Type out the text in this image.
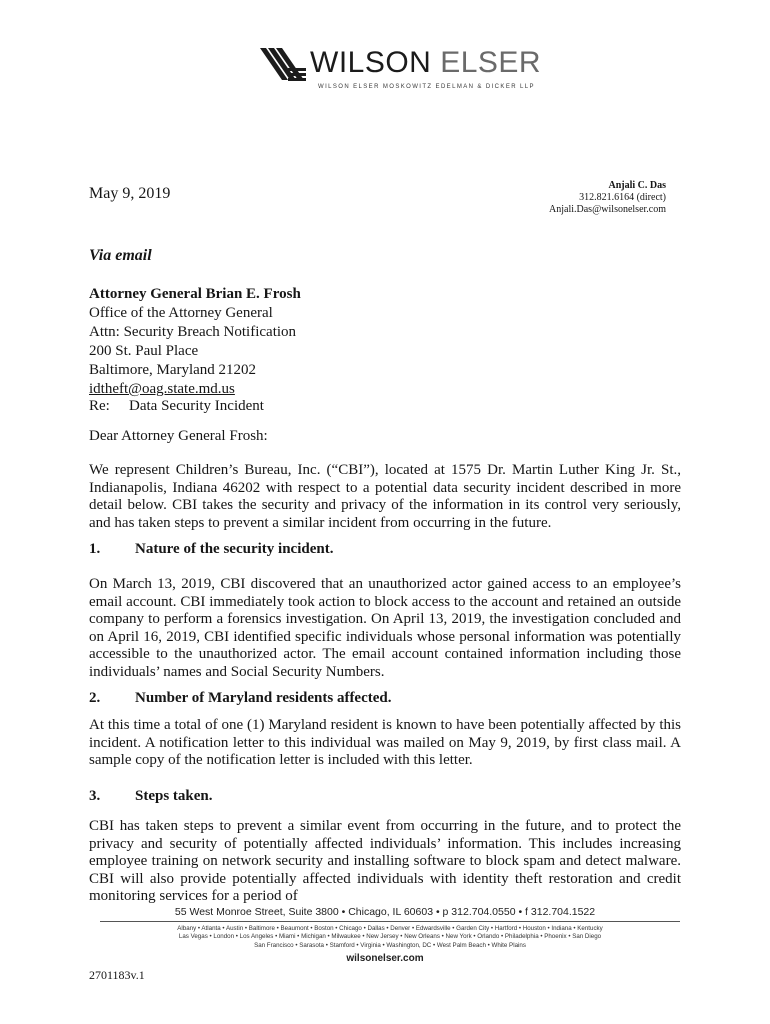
WILSON ELSER
WILSON ELSER MOSKOWITZ EDELMAN & DICKER LLP
May 9, 2019	Anjali C. Das
312.821.6164 (direct)
Anjali.Das@wilsonelser.com
Via email
Attorney General Brian E. Frosh
Office of the Attorney General
Attn: Security Breach Notification
200 St. Paul Place
Baltimore, Maryland 21202
idtheft@oag.state.md.us
Re: Data Security Incident
Dear Attorney General Frosh:
We represent Children’s Bureau, Inc. (“CBI”), located at 1575 Dr. Martin Luther King Jr. St., Indianapolis, Indiana 46202 with respect to a potential data security incident described in more detail below. CBI takes the security and privacy of the information in its control very seriously, and has taken steps to prevent a similar incident from occurring in the future.
1. Nature of the security incident.
On March 13, 2019, CBI discovered that an unauthorized actor gained access to an employee’s email account. CBI immediately took action to block access to the account and retained an outside company to perform a forensics investigation. On April 13, 2019, the investigation concluded and on April 16, 2019, CBI identified specific individuals whose personal information was potentially accessible to the unauthorized actor. The email account contained information including those individuals’ names and Social Security Numbers.
2. Number of Maryland residents affected.
At this time a total of one (1) Maryland resident is known to have been potentially affected by this incident. A notification letter to this individual was mailed on May 9, 2019, by first class mail. A sample copy of the notification letter is included with this letter.
3. Steps taken.
CBI has taken steps to prevent a similar event from occurring in the future, and to protect the privacy and security of potentially affected individuals’ information. This includes increasing employee training on network security and installing software to block spam and detect malware. CBI will also provide potentially affected individuals with identity theft restoration and credit monitoring services for a period of
55 West Monroe Street, Suite 3800 • Chicago, IL 60603 • p 312.704.0550 • f 312.704.1522
Albany • Atlanta • Austin • Baltimore • Beaumont • Boston • Chicago • Dallas • Denver • Edwardsville • Garden City • Hartford • Houston • Indiana • Kentucky
Las Vegas • London • Los Angeles • Miami • Michigan • Milwaukee • New Jersey • New Orleans • New York • Orlando • Philadelphia • Phoenix • San Diego
San Francisco • Sarasota • Stamford • Virginia • Washington, DC • West Palm Beach • White Plains
wilsonelser.com
2701183v.1
